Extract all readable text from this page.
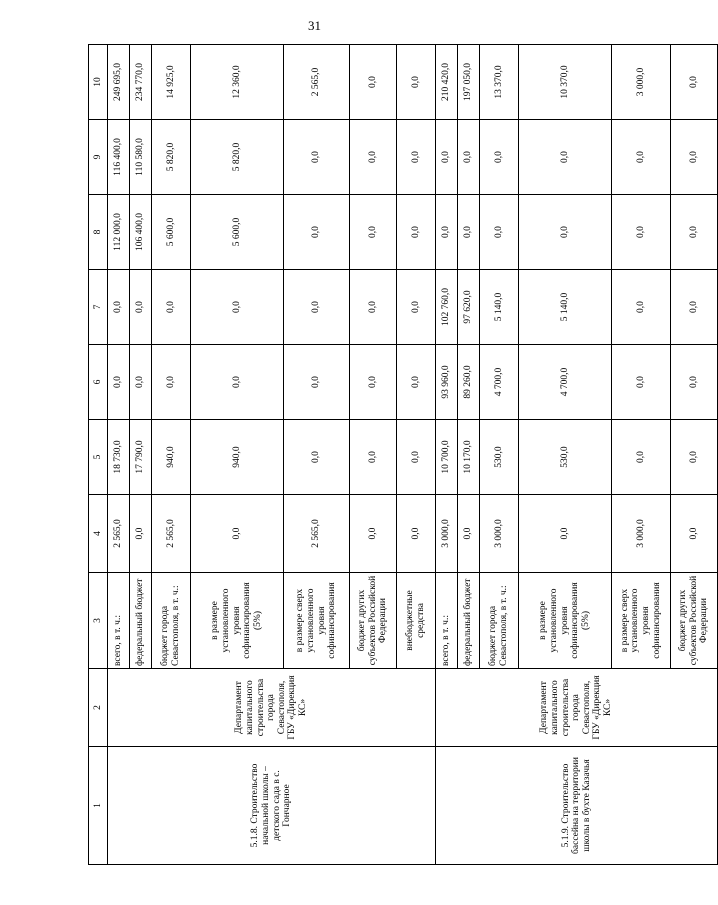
31
1	2	3	4	5	6	7	8	9	10
5.1.8. Строительство начальной школы – детского сада в с. Гончарное	Департамент капитального строительства города Севастополя, ГБУ «Дирекция КС»	всего, в т. ч.:	2 565,0	18 730,0	0,0	0,0	112 000,0	116 400,0	249 695,0
		федеральный бюджет	0,0	17 790,0	0,0	0,0	106 400,0	110 580,0	234 770,0
		бюджет города Севастополя, в т. ч.:	2 565,0	940,0	0,0	0,0	5 600,0	5 820,0	14 925,0
		в размере установленного уровня софинансирования (5%)	0,0	940,0	0,0	0,0	5 600,0	5 820,0	12 360,0
		в размере сверх установленного уровня софинансирования	2 565,0	0,0	0,0	0,0	0,0	0,0	2 565,0
		бюджет других субъектов Российской Федерации	0,0	0,0	0,0	0,0	0,0	0,0	0,0
		внебюджетные средства	0,0	0,0	0,0	0,0	0,0	0,0	0,0
5.1.9. Строительство бассейна на территории школы в бухте Казачья	Департамент капитального строительства города Севастополя, ГБУ «Дирекция КС»	всего, в т. ч.:	3 000,0	10 700,0	93 960,0	102 760,0	0,0	0,0	210 420,0
		федеральный бюджет	0,0	10 170,0	89 260,0	97 620,0	0,0	0,0	197 050,0
		бюджет города Севастополя, в т. ч.:	3 000,0	530,0	4 700,0	5 140,0	0,0	0,0	13 370,0
		в размере установленного уровня софинансирования (5%)	0,0	530,0	4 700,0	5 140,0	0,0	0,0	10 370,0
		в размере сверх установленного уровня софинансирования	3 000,0	0,0	0,0	0,0	0,0	0,0	3 000,0
		бюджет других субъектов Российской Федерации	0,0	0,0	0,0	0,0	0,0	0,0	0,0
